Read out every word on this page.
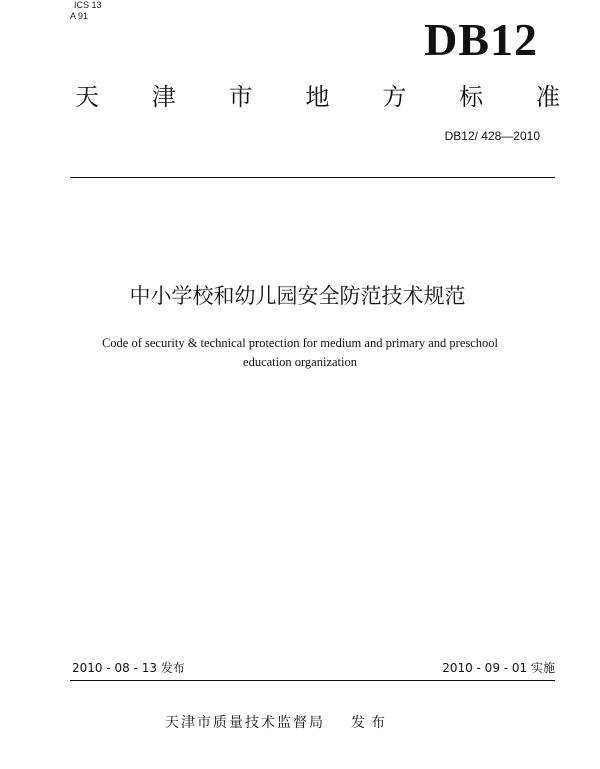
ICS 13
A 91	DB12
天 津 市 地 方 标 准
DB12/ 428—2010
中小学校和幼儿园安全防范技术规范
Code of security & technical protection for medium and primary and preschool
education organization
2010 - 08 - 13 发布	2010 - 09 - 01 实施
天津市质量技术监督局 发布
